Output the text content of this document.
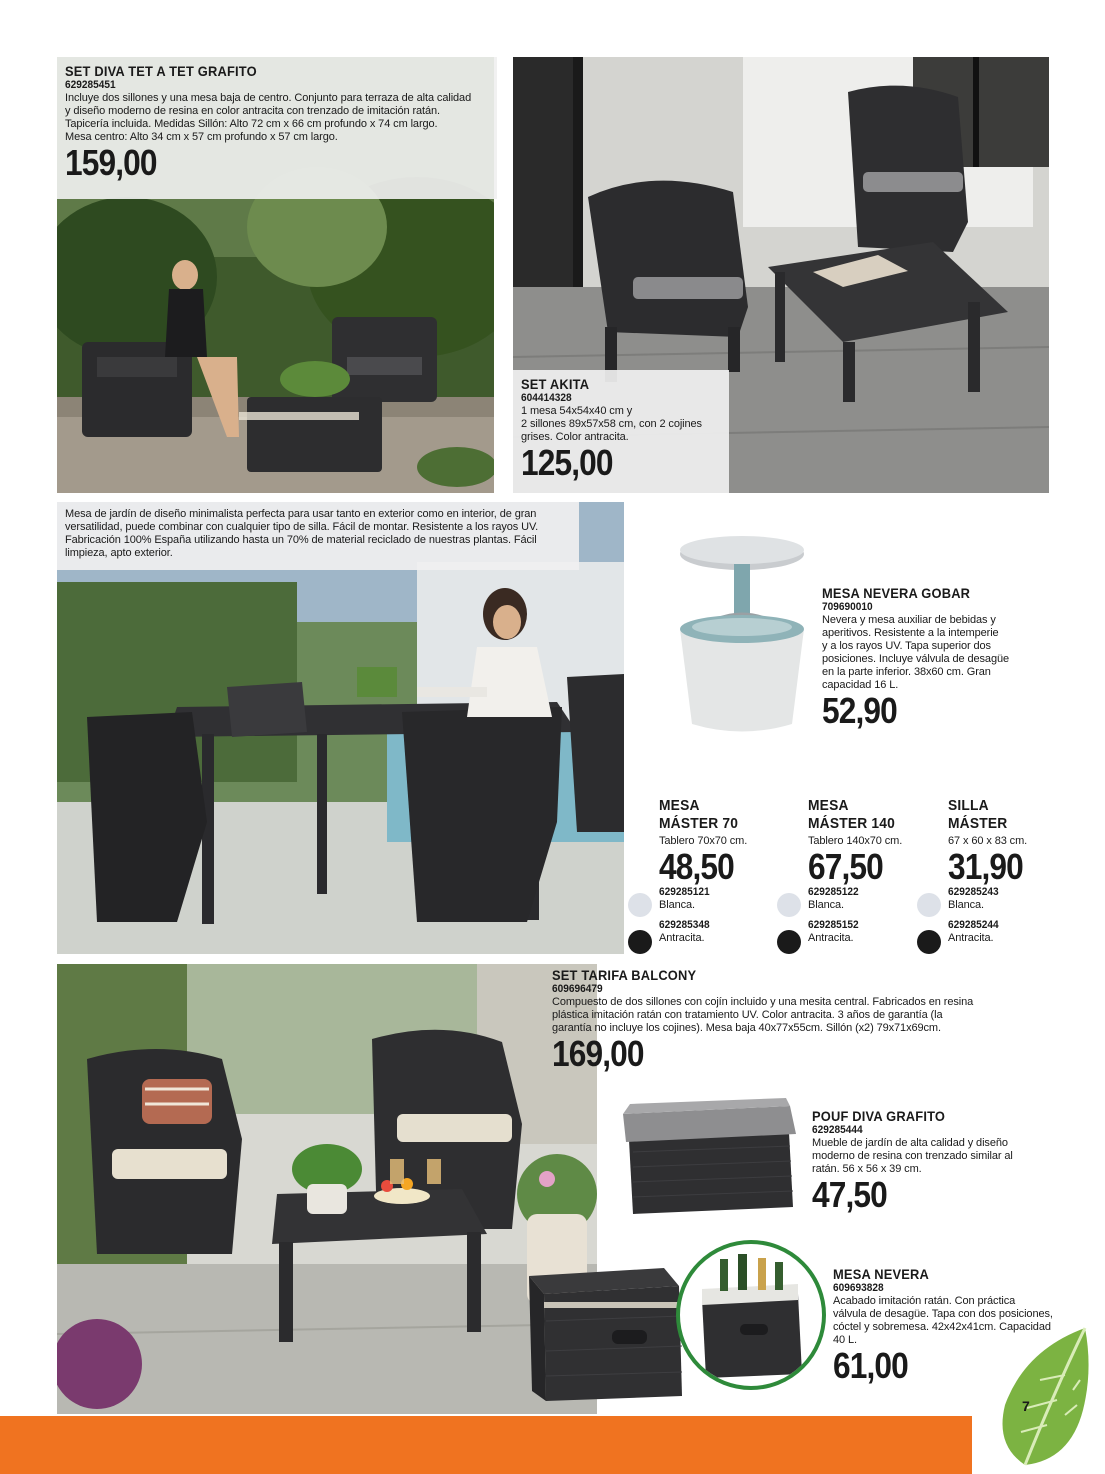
SET DIVA TET A TET GRAFITO
629285451
Incluye dos sillones y una mesa baja de centro. Conjunto para terraza de alta calidad
y diseño moderno de resina en color antracita con trenzado de imitación ratán.
Tapicería incluida. Medidas Sillón: Alto 72 cm x 66 cm profundo x 74 cm largo.
Mesa centro: Alto 34 cm x 57 cm profundo x 57 cm largo.
159,00
SET AKITA
604414328
1 mesa 54x54x40 cm y
2 sillones 89x57x58 cm, con 2 cojines
grises. Color antracita.
125,00
Mesa de jardín de diseño minimalista perfecta para usar tanto en exterior como en interior, de gran
versatilidad, puede combinar con cualquier tipo de silla. Fácil de montar. Resistente a los rayos UV.
Fabricación 100% España utilizando hasta un 70% de material reciclado de nuestras plantas. Fácil
limpieza, apto exterior.
MESA NEVERA GOBAR
709690010
Nevera y mesa auxiliar de bebidas y
aperitivos. Resistente a la intemperie
y a los rayos UV. Tapa superior dos
posiciones. Incluye válvula de desagüe
en la parte inferior. 38x60 cm. Gran
capacidad 16 L.
52,90
MESA
MÁSTER 70
Tablero 70x70 cm.
48,50
629285121
Blanca.
629285348
Antracita.
MESA
MÁSTER 140
Tablero 140x70 cm.
67,50
629285122
Blanca.
629285152
Antracita.
SILLA
MÁSTER
67 x 60 x 83 cm.
31,90
629285243
Blanca.
629285244
Antracita.
SET TARIFA BALCONY
609696479
Compuesto de dos sillones con cojín incluido y una mesita central. Fabricados en resina
plástica imitación ratán con tratamiento UV. Color antracita. 3 años de garantía (la
garantía no incluye los cojines). Mesa baja 40x77x55cm. Sillón (x2) 79x71x69cm.
169,00
POUF DIVA GRAFITO
629285444
Mueble de jardín de alta calidad y diseño
moderno de resina con trenzado similar al
ratán. 56 x 56 x 39 cm.
47,50
MESA NEVERA
609693828
Acabado imitación ratán. Con práctica
válvula de desagüe. Tapa con dos posiciones,
cóctel y sobremesa. 42x42x41cm. Capacidad
40 L.
61,00
7
